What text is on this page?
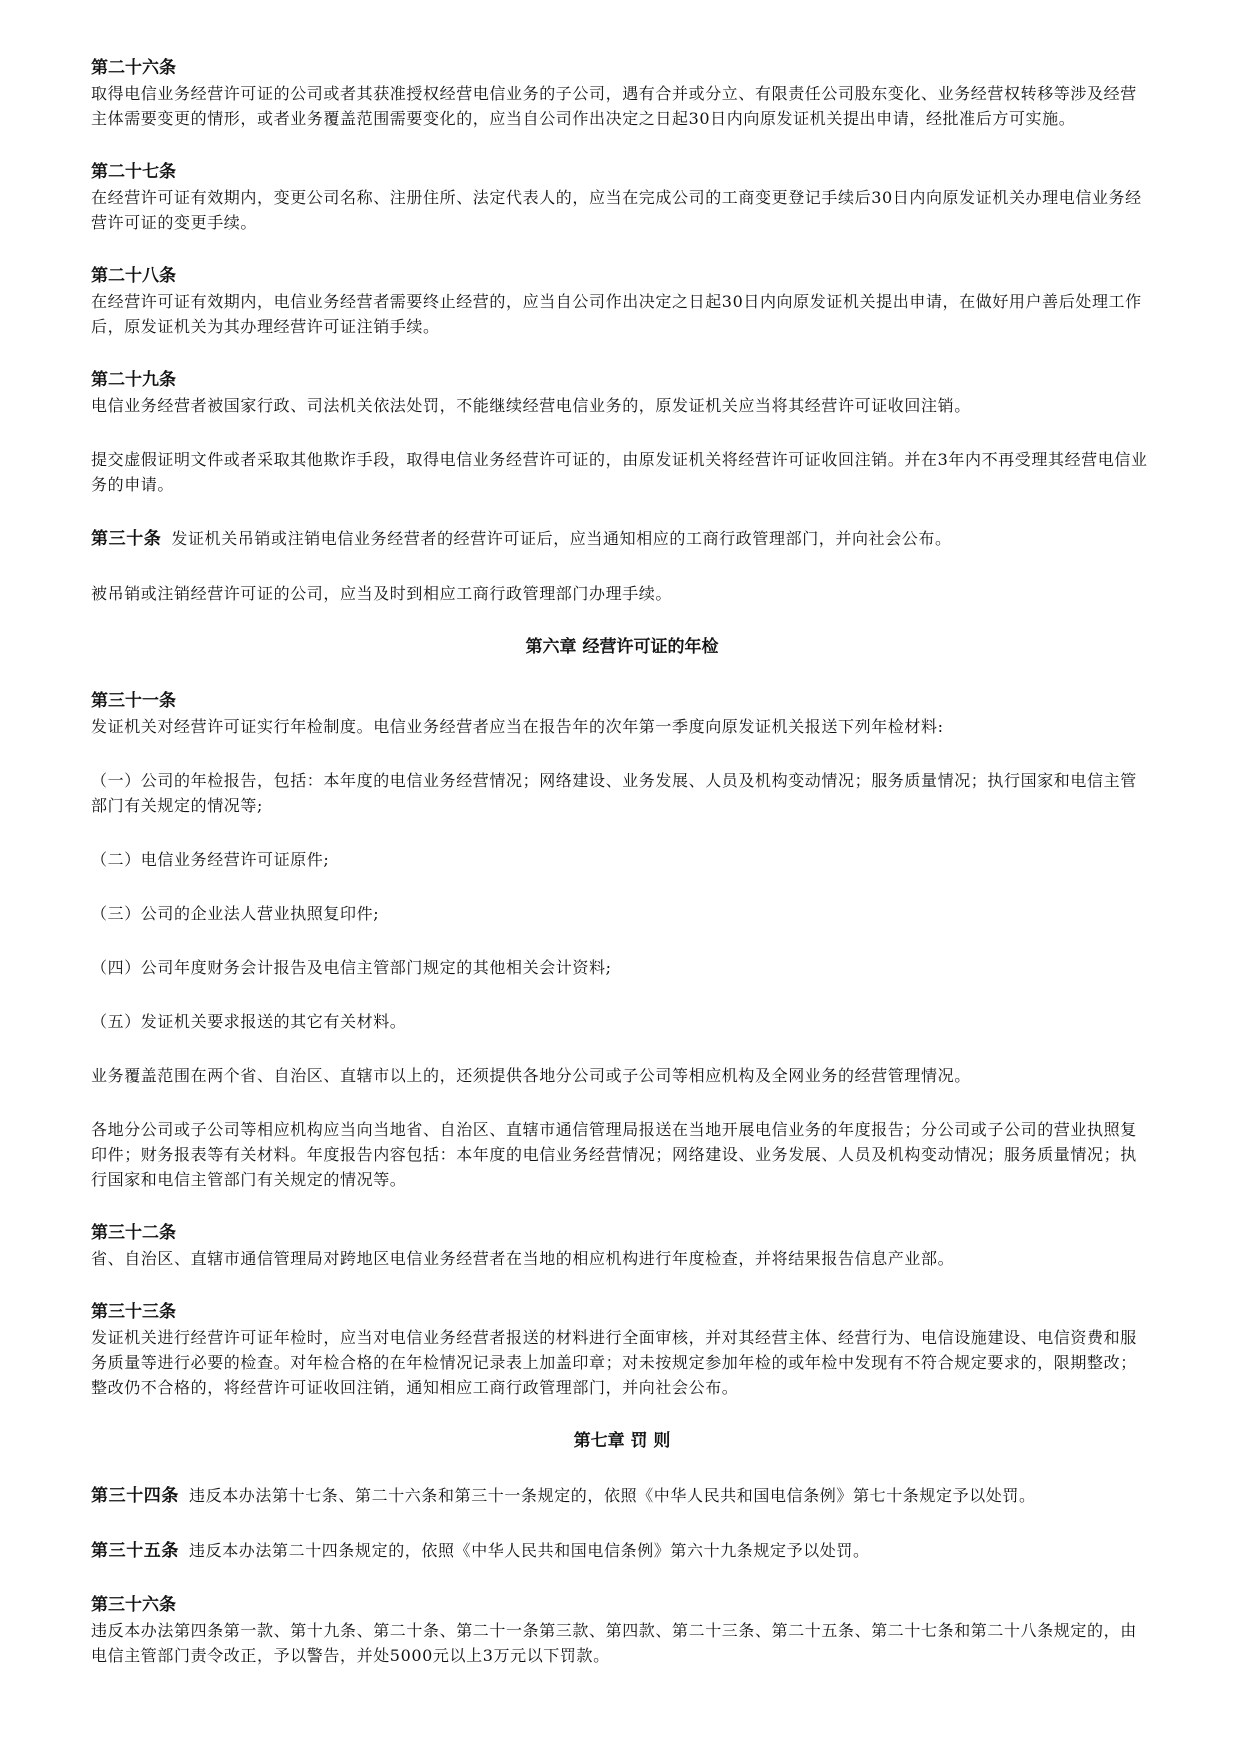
第二十六条

取得电信业务经营许可证的公司或者其获准授权经营电信业务的子公司，遇有合并或分立、有限责任公司股东变化、业务经营权转移等涉及经营主体需要变更的情形，或者业务覆盖范围需要变化的，应当自公司作出决定之日起30日内向原发证机关提出申请，经批准后方可实施。

第二十七条

在经营许可证有效期内，变更公司名称、注册住所、法定代表人的，应当在完成公司的工商变更登记手续后30日内向原发证机关办理电信业务经营许可证的变更手续。

第二十八条

在经营许可证有效期内，电信业务经营者需要终止经营的，应当自公司作出决定之日起30日内向原发证机关提出申请，在做好用户善后处理工作后，原发证机关为其办理经营许可证注销手续。

第二十九条

电信业务经营者被国家行政、司法机关依法处罚，不能继续经营电信业务的，原发证机关应当将其经营许可证收回注销。

提交虚假证明文件或者采取其他欺诈手段，取得电信业务经营许可证的，由原发证机关将经营许可证收回注销。并在3年内不再受理其经营电信业务的申请。

第三十条 发证机关吊销或注销电信业务经营者的经营许可证后，应当通知相应的工商行政管理部门，并向社会公布。

被吊销或注销经营许可证的公司，应当及时到相应工商行政管理部门办理手续。

第六章 经营许可证的年检

第三十一条

发证机关对经营许可证实行年检制度。电信业务经营者应当在报告年的次年第一季度向原发证机关报送下列年检材料:

（一）公司的年检报告，包括：本年度的电信业务经营情况；网络建设、业务发展、人员及机构变动情况；服务质量情况；执行国家和电信主管部门有关规定的情况等;

（二）电信业务经营许可证原件;

（三）公司的企业法人营业执照复印件;

（四）公司年度财务会计报告及电信主管部门规定的其他相关会计资料;

（五）发证机关要求报送的其它有关材料。

业务覆盖范围在两个省、自治区、直辖市以上的，还须提供各地分公司或子公司等相应机构及全网业务的经营管理情况。

各地分公司或子公司等相应机构应当向当地省、自治区、直辖市通信管理局报送在当地开展电信业务的年度报告；分公司或子公司的营业执照复印件；财务报表等有关材料。年度报告内容包括：本年度的电信业务经营情况；网络建设、业务发展、人员及机构变动情况；服务质量情况；执行国家和电信主管部门有关规定的情况等。

第三十二条

省、自治区、直辖市通信管理局对跨地区电信业务经营者在当地的相应机构进行年度检查，并将结果报告信息产业部。

第三十三条

发证机关进行经营许可证年检时，应当对电信业务经营者报送的材料进行全面审核，并对其经营主体、经营行为、电信设施建设、电信资费和服务质量等进行必要的检查。对年检合格的在年检情况记录表上加盖印章；对未按规定参加年检的或年检中发现有不符合规定要求的，限期整改；整改仍不合格的，将经营许可证收回注销，通知相应工商行政管理部门，并向社会公布。

第七章 罚 则

第三十四条 违反本办法第十七条、第二十六条和第三十一条规定的，依照《中华人民共和国电信条例》第七十条规定予以处罚。

第三十五条 违反本办法第二十四条规定的，依照《中华人民共和国电信条例》第六十九条规定予以处罚。

第三十六条

违反本办法第四条第一款、第十九条、第二十条、第二十一条第三款、第四款、第二十三条、第二十五条、第二十七条和第二十八条规定的，由电信主管部门责令改正，予以警告，并处5000元以上3万元以下罚款。
